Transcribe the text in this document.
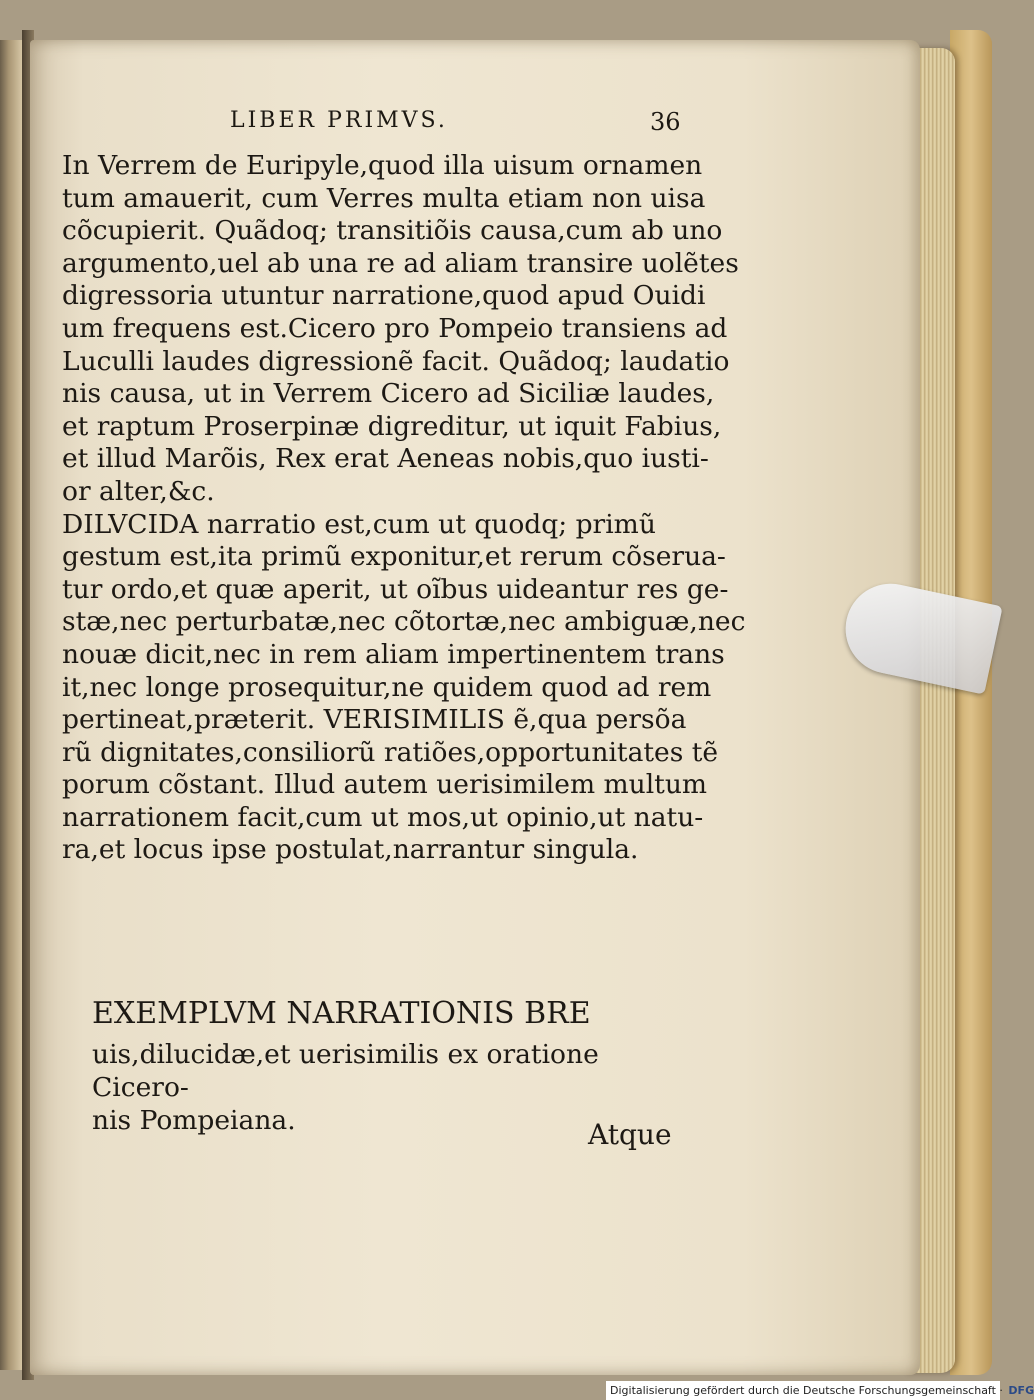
LIBER PRIMVS.	36
In Verrem de Euripyle,quod illa uisum ornamen
tum amauerit, cum Verres multa etiam non uisa
cõcupierit. Quãdoq; transitiõis causa,cum ab uno
argumento,uel ab una re ad aliam transire uolẽtes
digressoria utuntur narratione,quod apud Ouidi
um frequens est.Cicero pro Pompeio transiens ad
Luculli laudes digressionẽ facit. Quãdoq; laudatio
nis causa, ut in Verrem Cicero ad Siciliæ laudes,
et raptum Proserpinæ digreditur, ut iquit Fabius,
et illud Marõis, Rex erat Aeneas nobis,quo iusti-
or alter,&c.
DILVCIDA narratio est,cum ut quodq; primũ
gestum est,ita primũ exponitur,et rerum cõserua-
tur ordo,et quæ aperit, ut oĩbus uideantur res ge-
stæ,nec perturbatæ,nec cõtortæ,nec ambiguæ,nec
nouæ dicit,nec in rem aliam impertinentem trans
it,nec longe prosequitur,ne quidem quod ad rem
pertineat,præterit. VERISIMILIS ẽ,qua persõa
rũ dignitates,consiliorũ ratiões,opportunitates tẽ
porum cõstant. Illud autem uerisimilem multum
narrationem facit,cum ut mos,ut opinio,ut natu-
ra,et locus ipse postulat,narrantur singula.
EXEMPLVM NARRATIONIS BRE
uis,dilucidæ,et uerisimilis ex oratione Cicero-
nis Pompeiana.	Atque
Digitalisierung gefördert durch die Deutsche Forschungsgemeinschaft · DFG
